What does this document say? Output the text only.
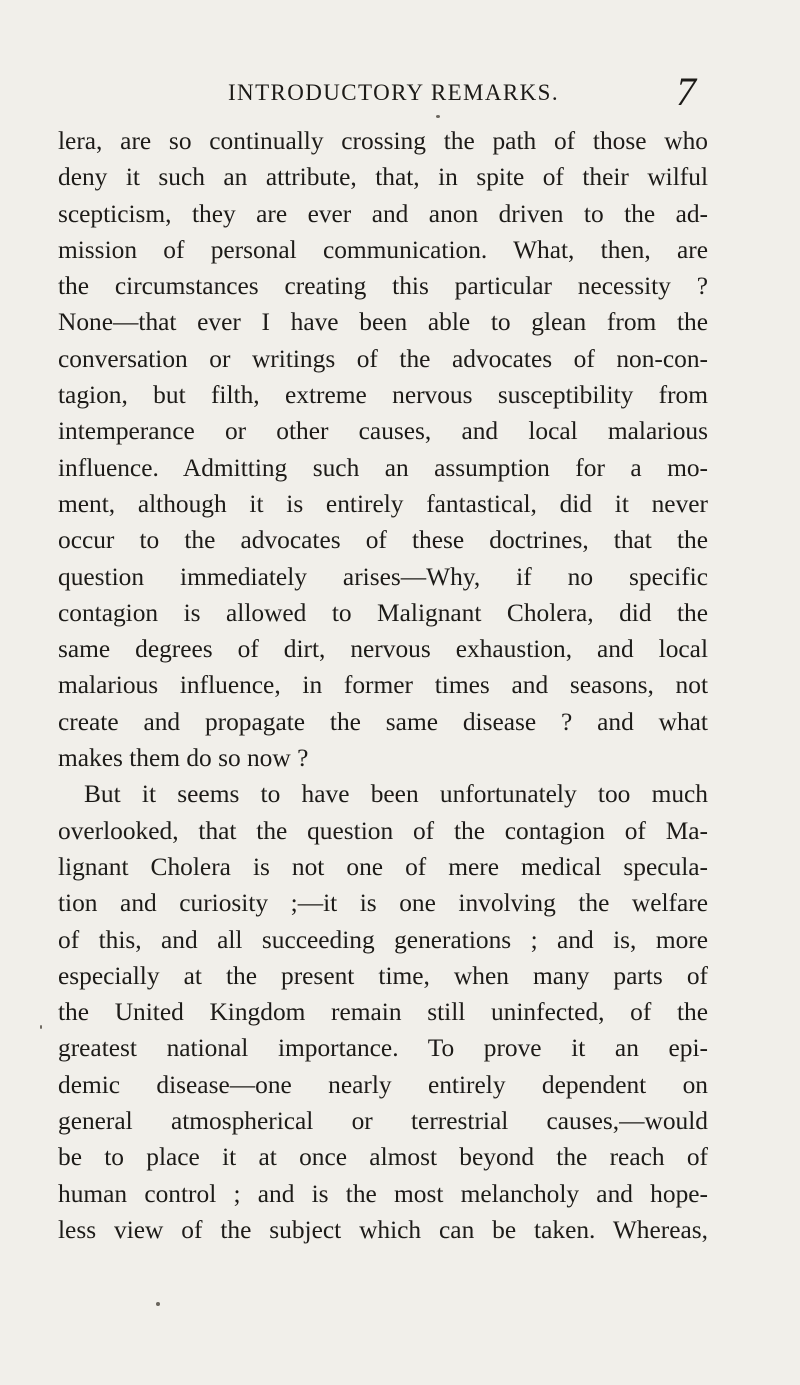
INTRODUCTORY REMARKS.	7
lera, are so continually crossing the path of those who
deny it such an attribute, that, in spite of their wilful
scepticism, they are ever and anon driven to the ad-
mission of personal communication. What, then, are
the circumstances creating this particular necessity ?
None—that ever I have been able to glean from the
conversation or writings of the advocates of non-con-
tagion, but filth, extreme nervous susceptibility from
intemperance or other causes, and local malarious
influence. Admitting such an assumption for a mo-
ment, although it is entirely fantastical, did it never
occur to the advocates of these doctrines, that the
question immediately arises—Why, if no specific
contagion is allowed to Malignant Cholera, did the
same degrees of dirt, nervous exhaustion, and local
malarious influence, in former times and seasons, not
create and propagate the same disease ? and what
makes them do so now ?
But it seems to have been unfortunately too much
overlooked, that the question of the contagion of Ma-
lignant Cholera is not one of mere medical specula-
tion and curiosity ;—it is one involving the welfare
of this, and all succeeding generations ; and is, more
especially at the present time, when many parts of
the United Kingdom remain still uninfected, of the
greatest national importance. To prove it an epi-
demic disease—one nearly entirely dependent on
general atmospherical or terrestrial causes,—would
be to place it at once almost beyond the reach of
human control ; and is the most melancholy and hope-
less view of the subject which can be taken. Whereas,
